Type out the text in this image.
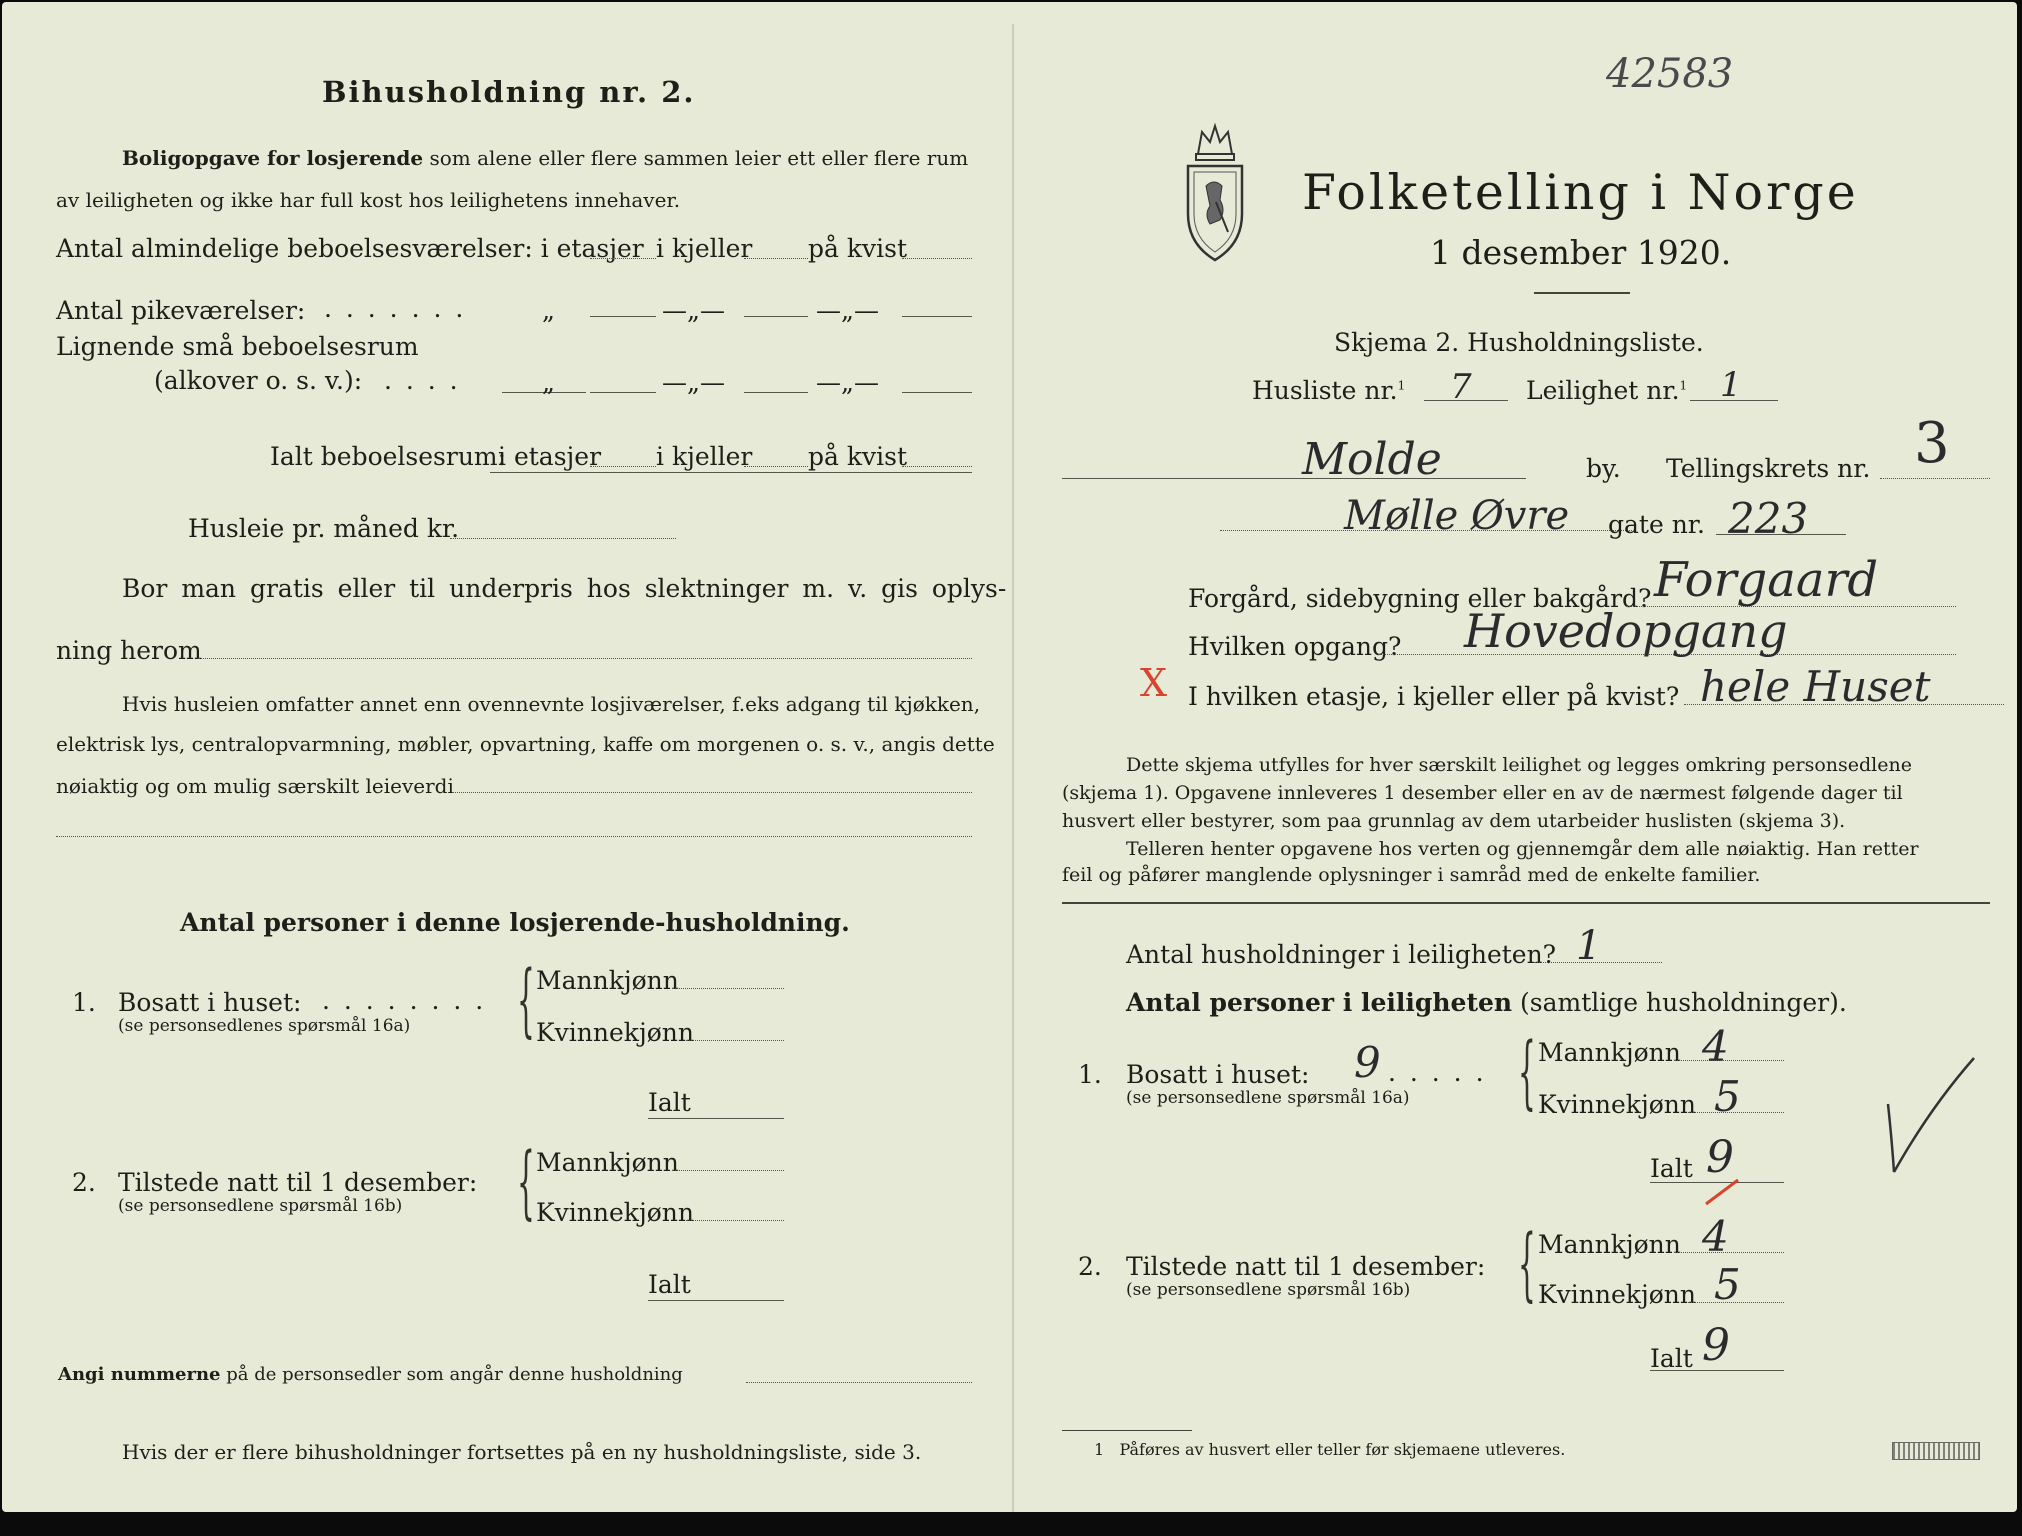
Bihusholdning nr. 2.
Boligopgave for losjerende som alene eller flere sammen leier ett eller flere rum
av leiligheten og ikke har full kost hos leilighetens innehaver.
Antal almindelige beboelsesværelser: i etasjer i kjeller på kvist
Antal pikeværelser: . . . . . . .	„	—„—	—„—
Lignende små beboelsesrum
(alkover o. s. v.): . . . .	„	—„—	—„—
Ialt beboelsesrum:
i etasjer i kjeller på kvist
Husleie pr. måned kr.
Bor man gratis eller til underpris hos slektninger m. v. gis oplys-
ning herom
Hvis husleien omfatter annet enn ovennevnte losjiværelser, f.eks adgang til kjøkken,
elektrisk lys, centralopvarmning, møbler, opvartning, kaffe om morgenen o. s. v., angis dette
nøiaktig og om mulig særskilt leieverdi
Antal personer i denne losjerende-husholdning.
1. Bosatt i huset: . . . . . . . .
(se personsedlenes spørsmål 16a) { Mannkjønn
Kvinnekjønn
Ialt
2. Tilstede natt til 1 desember:
(se personsedlene spørsmål 16b) { Mannkjønn
Kvinnekjønn
Ialt
Angi nummerne på de personsedler som angår denne husholdning
Hvis der er flere bihusholdninger fortsettes på en ny husholdningsliste, side 3.
42583
Folketelling i Norge
1 desember 1920.
Skjema 2. Husholdningsliste.
Husliste nr.$^1$ 7 Leilighet nr.$^1$ 1
Molde	by. Tellingskrets nr. 3
Mølle Øvre gate nr. 223
Forgård, sidebygning eller bakgård? Forgaard
Hvilken opgang? Hovedopgang
X I hvilken etasje, i kjeller eller på kvist? hele Huset
Dette skjema utfylles for hver særskilt leilighet og legges omkring personsedlene
(skjema 1). Opgavene innleveres 1 desember eller en av de nærmest følgende dager til
husvert eller bestyrer, som paa grunnlag av dem utarbeider huslisten (skjema 3).
Telleren henter opgavene hos verten og gjennemgår dem alle nøiaktig. Han retter
feil og påfører manglende oplysninger i samråd med de enkelte familier.
Antal husholdninger i leiligheten? 1
Antal personer i leiligheten (samtlige husholdninger).
1. Bosatt i huset: 9 . . . . .
(se personsedlene spørsmål 16a) { Mannkjønn 4
Kvinnekjønn 5
Ialt 9
2. Tilstede natt til 1 desember:
(se personsedlene spørsmål 16b) { Mannkjønn 4
Kvinnekjønn 5
Ialt 9
1 Påføres av husvert eller teller før skjemaene utleveres.
